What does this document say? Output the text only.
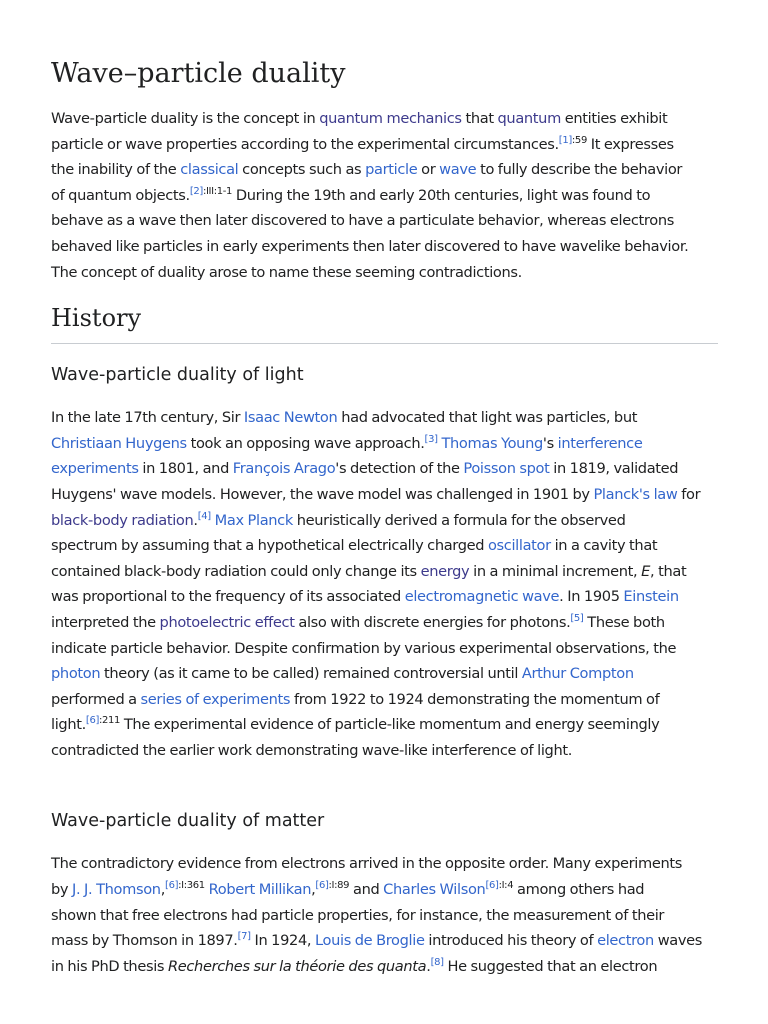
Wave–particle duality

Wave-particle duality is the concept in quantum mechanics that quantum entities exhibit
particle or wave properties according to the experimental circumstances.$^{[1]:59}$ It expresses
the inability of the classical concepts such as particle or wave to fully describe the behavior
of quantum objects.$^{[2]:III:1-1}$ During the 19th and early 20th centuries, light was found to
behave as a wave then later discovered to have a particulate behavior, whereas electrons
behaved like particles in early experiments then later discovered to have wavelike behavior.
The concept of duality arose to name these seeming contradictions.

History
Wave-particle duality of light

In the late 17th century, Sir Isaac Newton had advocated that light was particles, but
Christiaan Huygens took an opposing wave approach.[3] Thomas Young's interference
experiments in 1801, and François Arago's detection of the Poisson spot in 1819, validated
Huygens' wave models. However, the wave model was challenged in 1901 by Planck's law for
black-body radiation.[4] Max Planck heuristically derived a formula for the observed
spectrum by assuming that a hypothetical electrically charged oscillator in a cavity that
contained black-body radiation could only change its energy in a minimal increment, E, that
was proportional to the frequency of its associated electromagnetic wave. In 1905 Einstein
interpreted the photoelectric effect also with discrete energies for photons.[5] These both
indicate particle behavior. Despite confirmation by various experimental observations, the
photon theory (as it came to be called) remained controversial until Arthur Compton
performed a series of experiments from 1922 to 1924 demonstrating the momentum of
light.$^{[6]:211}$ The experimental evidence of particle-like momentum and energy seemingly
contradicted the earlier work demonstrating wave-like interference of light.

Wave-particle duality of matter

The contradictory evidence from electrons arrived in the opposite order. Many experiments
by J. J. Thomson,$^{[6]:I:361}$ Robert Millikan,$^{[6]:I:89}$ and Charles Wilson$^{[6]:I:4}$ among others had
shown that free electrons had particle properties, for instance, the measurement of their
mass by Thomson in 1897.[7] In 1924, Louis de Broglie introduced his theory of electron waves
in his PhD thesis Recherches sur la théorie des quanta.[8] He suggested that an electron
